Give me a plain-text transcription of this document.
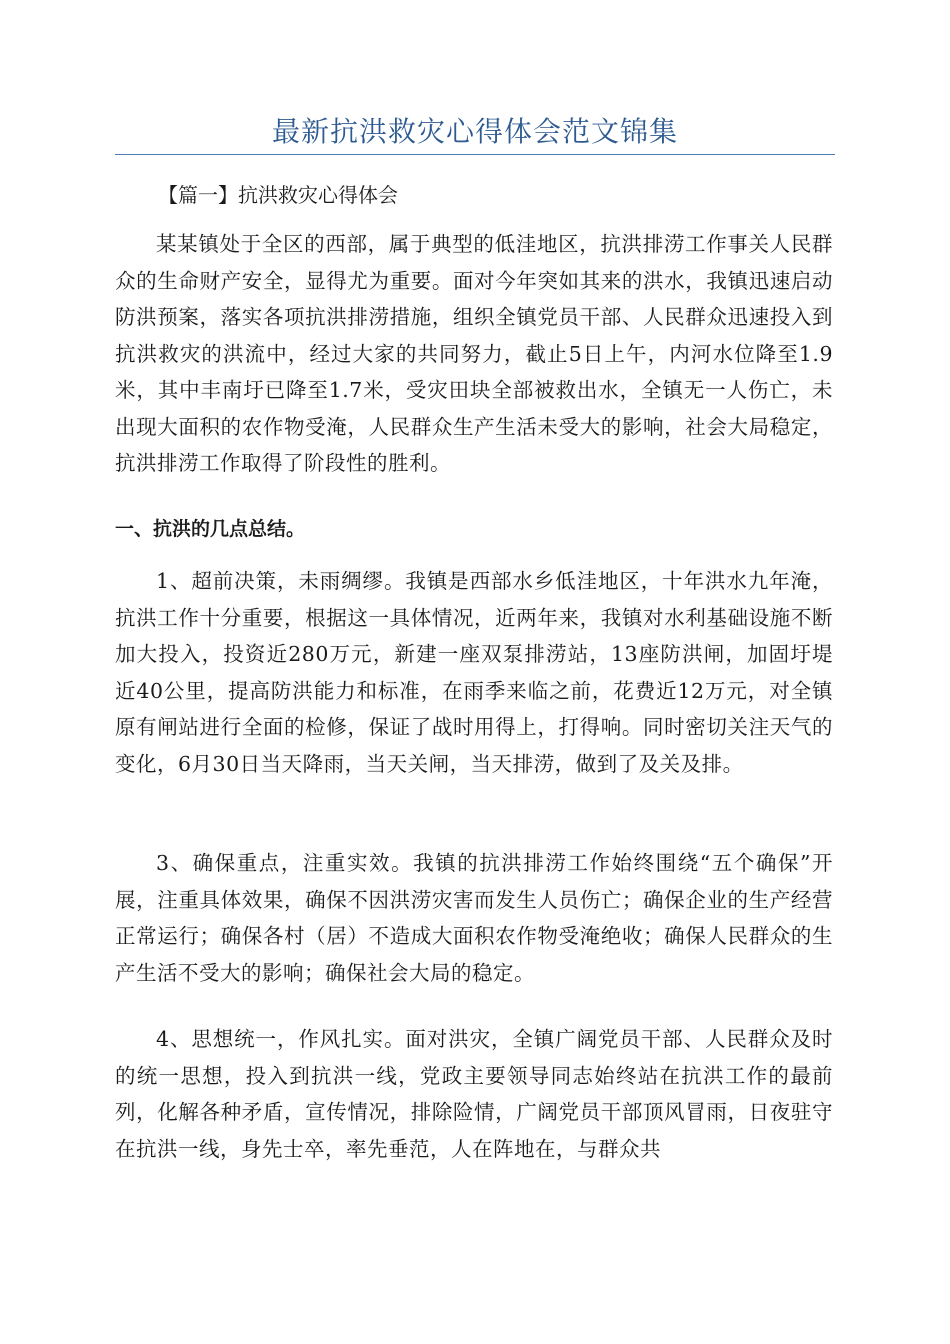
最新抗洪救灾心得体会范文锦集

【篇一】抗洪救灾心得体会

某某镇处于全区的西部，属于典型的低洼地区，抗洪排涝工作事关人民群众的生命财产安全，显得尤为重要。面对今年突如其来的洪水，我镇迅速启动防洪预案，落实各项抗洪排涝措施，组织全镇党员干部、人民群众迅速投入到抗洪救灾的洪流中，经过大家的共同努力，截止5日上午，内河水位降至1.9米，其中丰南圩已降至1.7米，受灾田块全部被救出水，全镇无一人伤亡，未出现大面积的农作物受淹，人民群众生产生活未受大的影响，社会大局稳定，抗洪排涝工作取得了阶段性的胜利。

一、抗洪的几点总结。

1、超前决策，未雨绸缪。我镇是西部水乡低洼地区，十年洪水九年淹，抗洪工作十分重要，根据这一具体情况，近两年来，我镇对水利基础设施不断加大投入，投资近280万元，新建一座双泵排涝站，13座防洪闸，加固圩堤近40公里，提高防洪能力和标准，在雨季来临之前，花费近12万元，对全镇原有闸站进行全面的检修，保证了战时用得上，打得响。同时密切关注天气的变化，6月30日当天降雨，当天关闸，当天排涝，做到了及关及排。

3、确保重点，注重实效。我镇的抗洪排涝工作始终围绕“五个确保”开展，注重具体效果，确保不因洪涝灾害而发生人员伤亡；确保企业的生产经营正常运行；确保各村（居）不造成大面积农作物受淹绝收；确保人民群众的生产生活不受大的影响；确保社会大局的稳定。

4、思想统一，作风扎实。面对洪灾，全镇广阔党员干部、人民群众及时的统一思想，投入到抗洪一线，党政主要领导同志始终站在抗洪工作的最前列，化解各种矛盾，宣传情况，排除险情，广阔党员干部顶风冒雨，日夜驻守在抗洪一线，身先士卒，率先垂范，人在阵地在，与群众共
